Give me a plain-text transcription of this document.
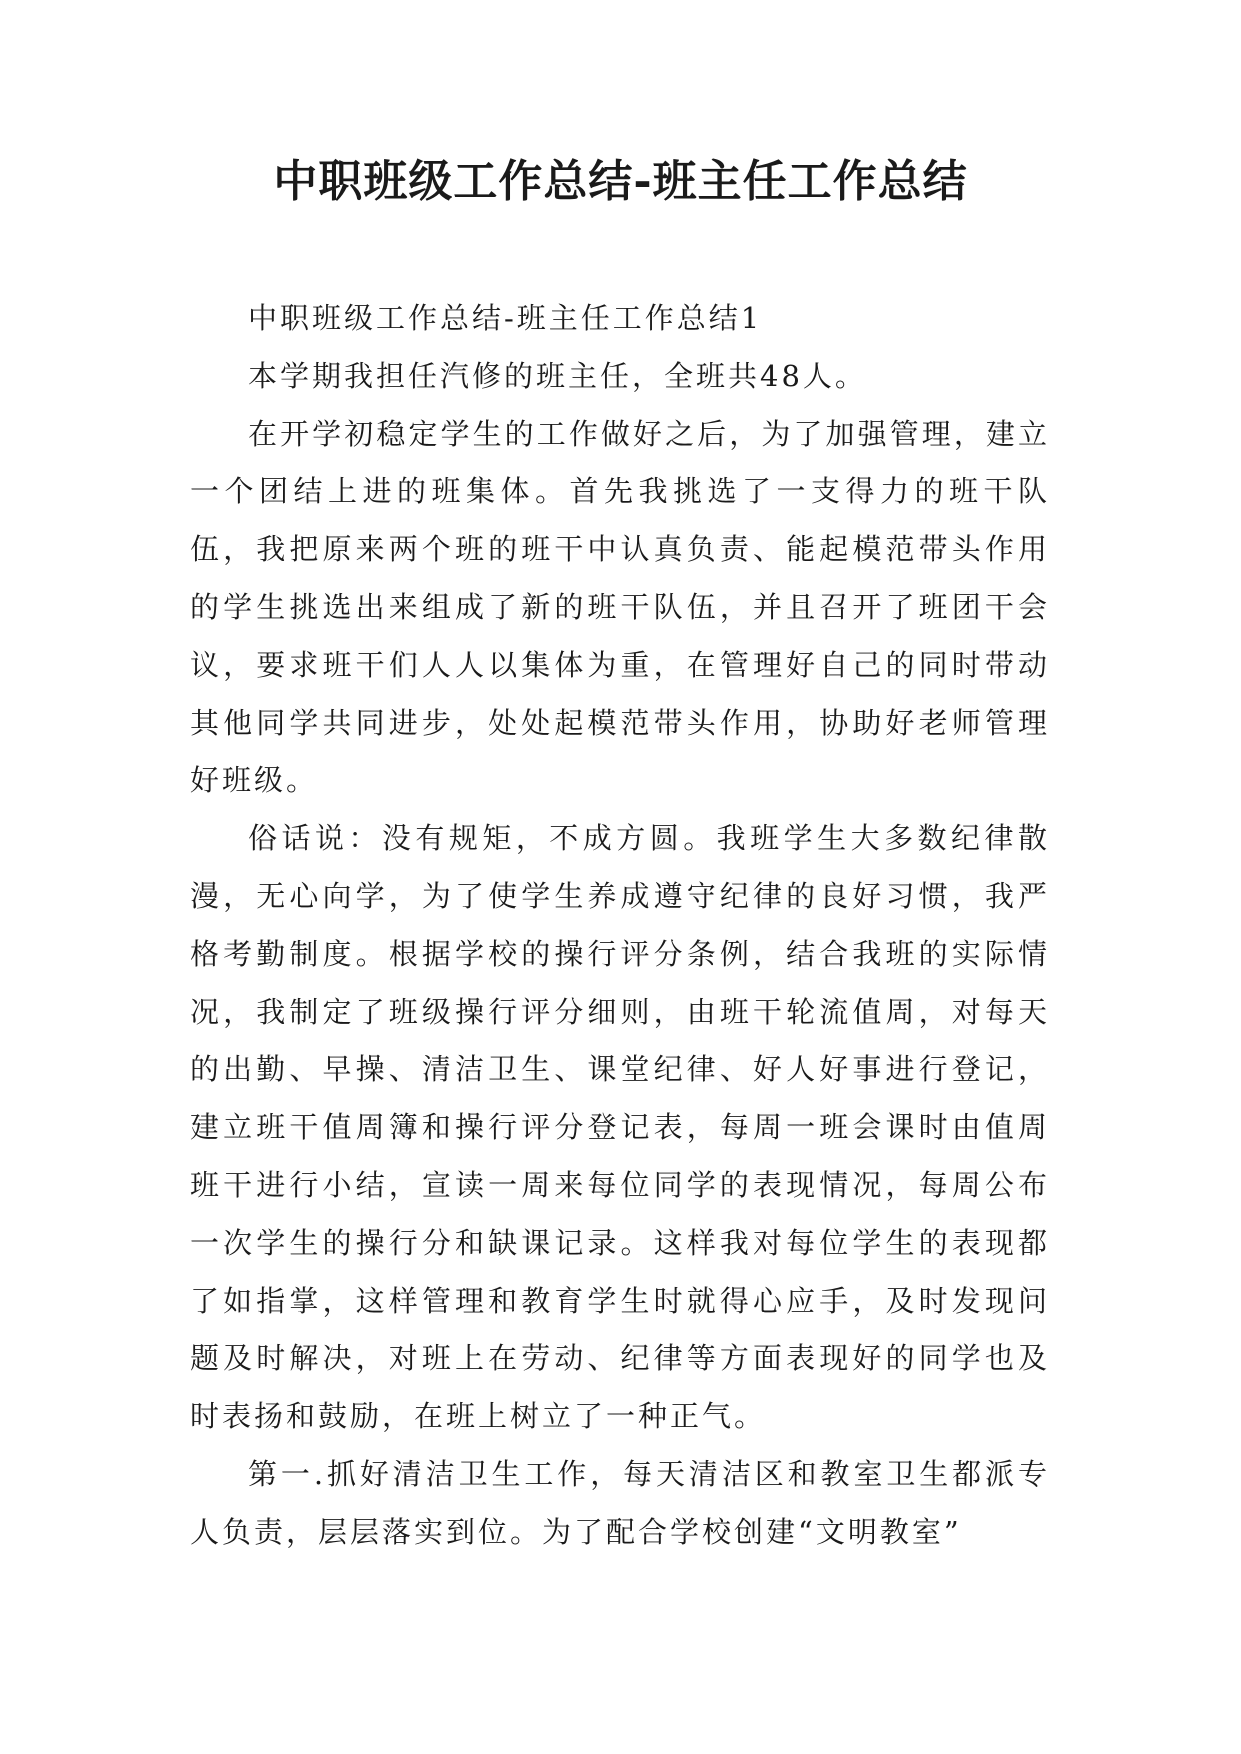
中职班级工作总结-班主任工作总结

中职班级工作总结-班主任工作总结1

本学期我担任汽修的班主任，全班共48人。

在开学初稳定学生的工作做好之后，为了加强管理，建立一个团结上进的班集体。首先我挑选了一支得力的班干队伍，我把原来两个班的班干中认真负责、能起模范带头作用的学生挑选出来组成了新的班干队伍，并且召开了班团干会议，要求班干们人人以集体为重，在管理好自己的同时带动其他同学共同进步，处处起模范带头作用，协助好老师管理好班级。

俗话说：没有规矩，不成方圆。我班学生大多数纪律散漫，无心向学，为了使学生养成遵守纪律的良好习惯，我严格考勤制度。根据学校的操行评分条例，结合我班的实际情况，我制定了班级操行评分细则，由班干轮流值周，对每天的出勤、早操、清洁卫生、课堂纪律、好人好事进行登记，建立班干值周簿和操行评分登记表，每周一班会课时由值周班干进行小结，宣读一周来每位同学的表现情况，每周公布一次学生的操行分和缺课记录。这样我对每位学生的表现都了如指掌，这样管理和教育学生时就得心应手，及时发现问题及时解决，对班上在劳动、纪律等方面表现好的同学也及时表扬和鼓励，在班上树立了一种正气。

第一.抓好清洁卫生工作，每天清洁区和教室卫生都派专人负责，层层落实到位。为了配合学校创建“文明教室”
